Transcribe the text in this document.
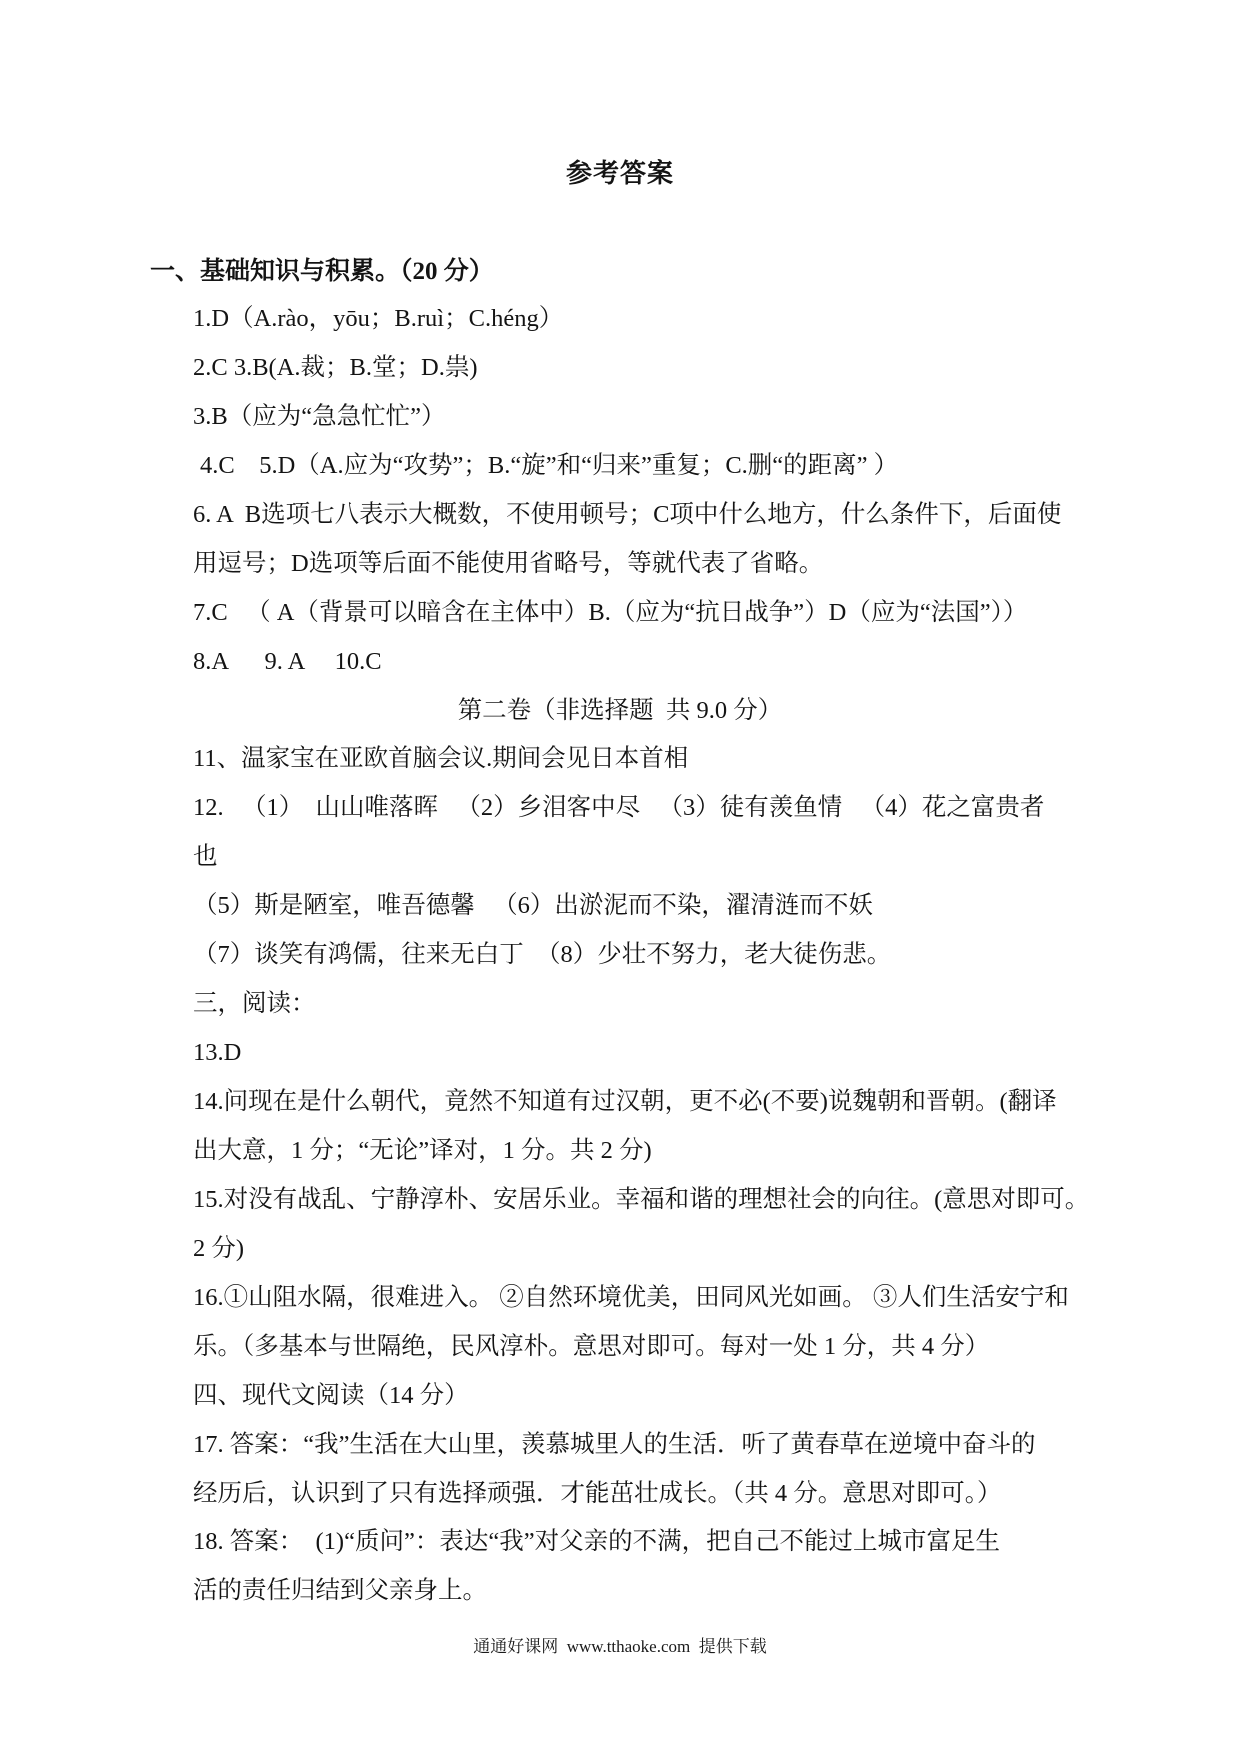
参考答案
一、基础知识与积累。（20 分）
1.D（A.rào，yōu；B.ruì；C.héng）
2.C 3.B(A.裁；B.堂；D.祟)
3.B（应为“急急忙忙”）
4.C    5.D（A.应为“攻势”；B.“旋”和“归来”重复；C.删“的距离” ）
6. A  B选项七八表示大概数，不使用顿号；C项中什么地方，什么条件下，后面使
用逗号；D选项等后面不能使用省略号，等就代表了省略。
7.C   （ A（背景可以暗含在主体中）B.（应为“抗日战争”）D（应为“法国”））
8.A      9. A     10.C
第二卷（非选择题  共 9.0 分）
11、温家宝在亚欧首脑会议.期间会见日本首相
12.   （1）  山山唯落晖   （2）乡泪客中尽   （3）徒有羡鱼情   （4）花之富贵者
也
（5）斯是陋室，唯吾德馨   （6）出淤泥而不染，濯清涟而不妖
（7）谈笑有鸿儒，往来无白丁  （8）少壮不努力，老大徒伤悲。
三，阅读：
13.D
14.问现在是什么朝代，竟然不知道有过汉朝，更不必(不要)说魏朝和晋朝。(翻译
出大意，1 分；“无论”译对，1 分。共 2 分)
15.对没有战乱、宁静淳朴、安居乐业。幸福和谐的理想社会的向往。(意思对即可。
2 分)
16.①山阻水隔，很难进入。 ②自然环境优美，田同风光如画。 ③人们生活安宁和
乐。（多基本与世隔绝，民风淳朴。意思对即可。每对一处 1 分，共 4 分）
四、现代文阅读（14 分）
17. 答案：“我”生活在大山里，羡慕城里人的生活．听了黄春草在逆境中奋斗的
经历后，认识到了只有选择顽强．才能茁壮成长。（共 4 分。意思对即可。）
18. 答案：  (1)“质问”：表达“我”对父亲的不满，把自己不能过上城市富足生
活的责任归结到父亲身上。
通通好课网  www.tthaoke.com  提供下载
